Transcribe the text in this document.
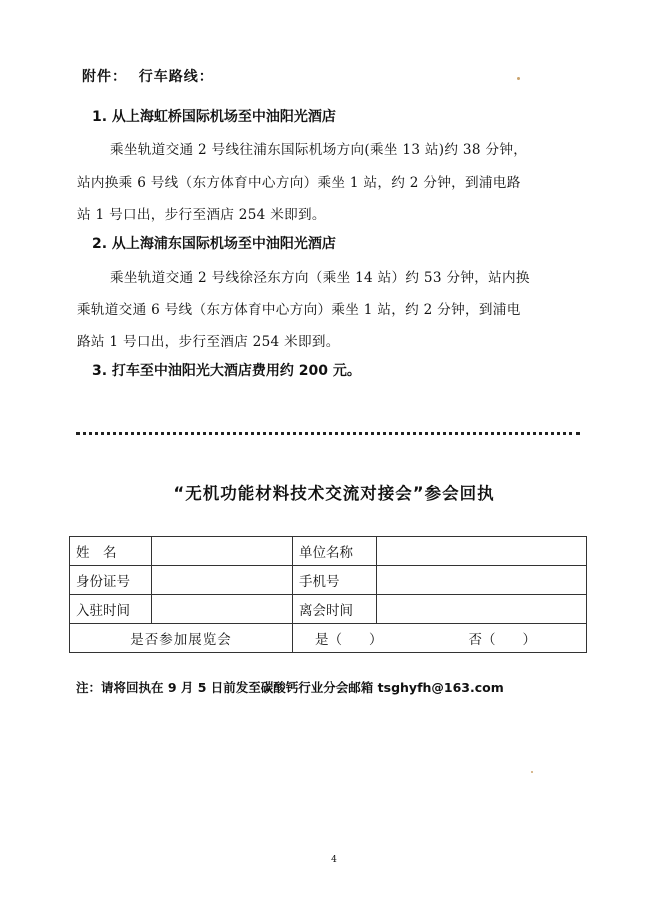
附件： 行车路线：
1. 从上海虹桥国际机场至中油阳光酒店
乘坐轨道交通 2 号线往浦东国际机场方向(乘坐 13 站)约 38 分钟，
站内换乘 6 号线（东方体育中心方向）乘坐 1 站，约 2 分钟，到浦电路
站 1 号口出，步行至酒店 254 米即到。
2. 从上海浦东国际机场至中油阳光酒店
乘坐轨道交通 2 号线徐泾东方向（乘坐 14 站）约 53 分钟，站内换
乘轨道交通 6 号线（东方体育中心方向）乘坐 1 站，约 2 分钟，到浦电
路站 1 号口出，步行至酒店 254 米即到。
3. 打车至中油阳光大酒店费用约 200 元。
“无机功能材料技术交流对接会”参会回执
姓　名		单位名称	
身份证号		手机号	
入驻时间		离会时间	
是否参加展览会		是（　　） 否（　　）	
注：请将回执在 9 月 5 日前发至碳酸钙行业分会邮箱 tsghyfh@163.com
4
